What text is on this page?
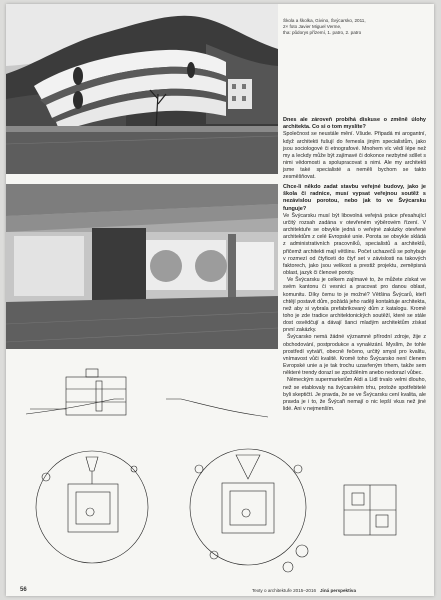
Škola a školka, Givino, Švýcarsko, 2011,
2× foto Javier Miguel Verme,
tha: půdorys přízemí, 1. patro, 2. patro
Dnes ale zároveň probíhá diskuse o změně úlohy architekta. Co si o tom myslíte?
Společnost se neustále mění. Všude. Připadá mi arogantní, když architekti fušují do řemesla jiným specialistům, jako jsou sociologové či etnografové. Mnohem víc vědí lépe než my a leckdy může být zajímavé či dokonce nezbytné sdílet s nimi vědomosti a spolupracovat s nimi. Ale my architekti jsme také specialisté a neměli bychom se takto zesměšňovat.
Chce-li někdo zadat stavbu veřejné budovy, jako je škola či radnice, musí vypsat veřejnou soutěž s nezávislou porotou, nebo jak to ve Švýcarsku funguje?
Ve Švýcarsku musí být libovolná veřejná práce přesahující určitý rozsah zadána v otevřeném výběrovém řízení. V architektuře se obvykle jedná o veřejné zakázky otevřené architektům z celé Evropské unie. Porota se obvykle skládá z administrativních pracovníků, specialistů a architektů, přičemž architekti mají většinu. Počet uchazečů se pohybuje v rozmezí od čtyřiceti do čtyř set v závislosti na takových faktorech, jako jsou velikost a prestiž projektu, zeměpisná oblast, jazyk či členové poroty.
Ve Švýcarsku je celkem zajímavé to, že můžete získat ve svém kantonu či vesnici a pracovat pro danou oblast, komunitu. Díky čemu to je možné? Většina Švýcarů, kteří chtějí postavit dům, požádá jeho raději kontaktuje architekta, než aby si vybrala prefabrikovaný dům z katalogu. Kromě toho je zde tradice architektonických soutěží, které se stále dost osvědčují a dávají šanci mladým architektům získat první zakázky.
Švýcarsko nemá žádné významné přírodní zdroje, žije z obchodování, postprodukce a vynalézání. Myslím, že tohle prostředí vytváří, obecně řečeno, určitý smysl pro kvalitu, vnímavost vůči kvalitě. Kromě toho Švýcarsko není členem Evropské unie a je tak trochu uzavřeným trhem, takže sem některé trendy dorazí se zpožděním anebo nedorazí vůbec.
Německým supermarketům Aldi a Lidl trvalo velmi dlouho, než se etablovaly na švýcarském trhu, protože spotřebitelé byli skeptičtí. Je pravda, že se ve Švýcarsku cení kvalita, ale pravda je i to, že Švýcaři nemají o nic lepší vkus než jiné lidé. Ani v nejmenším.
56	Texty o architektuře 2015–2016 Jiná perspektiva
